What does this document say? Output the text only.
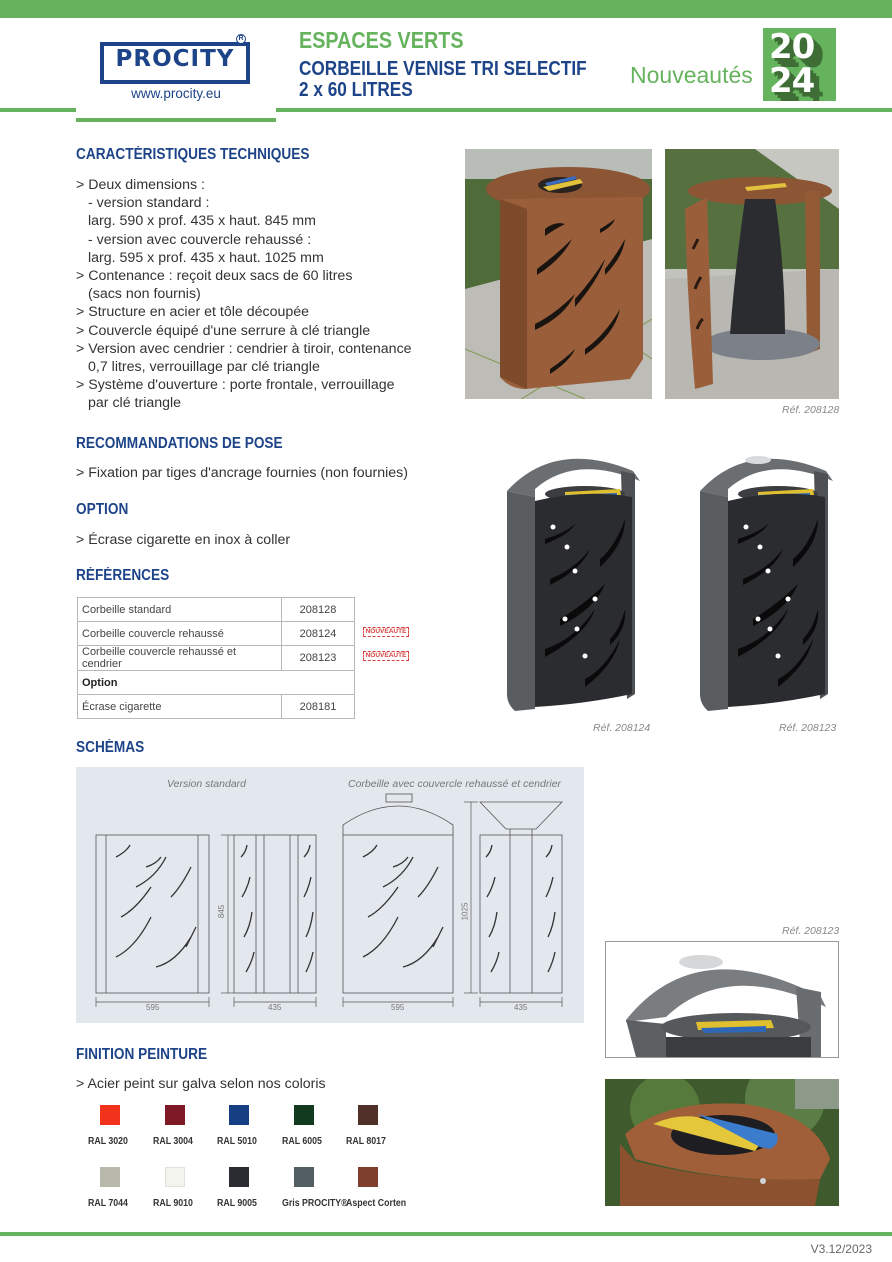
PROCITY
R
www.procity.eu
ESPACES VERTS
CORBEILLE VENISE TRI SELECTIF
2 x 60 LITRES
Nouveautés
20
24
CARACTÉRISTIQUES TECHNIQUES
> Deux dimensions :
- version standard :
larg. 590 x prof. 435 x haut. 845 mm
- version avec couvercle rehaussé :
larg. 595 x prof. 435 x haut. 1025 mm
> Contenance : reçoit deux sacs de 60 litres
(sacs non fournis)
> Structure en acier et tôle découpée
> Couvercle équipé d'une serrure à clé triangle
> Version avec cendrier : cendrier à tiroir, contenance
0,7 litres, verrouillage par clé triangle
> Système d'ouverture : porte frontale, verrouillage
par clé triangle
RECOMMANDATIONS DE POSE
> Fixation par tiges d'ancrage fournies (non fournies)
OPTION
> Écrase cigarette en inox à coller
RÉFÉRENCES
Corbeille standard	208128
Corbeille couvercle rehaussé	208124
Corbeille couvercle rehaussé et cendrier	208123
Option	
Écrase cigarette	208181
NOUVEAUTÉ
NOUVEAUTÉ
Réf. 208128
Réf. 208124	Réf. 208123
SCHÉMAS
Version standard	Corbeille avec couvercle rehaussé et cendrier
595	435
845
595	435
1025
Réf. 208123
FINITION PEINTURE
> Acier peint sur galva selon nos coloris
RAL 3020 RAL 3004 RAL 5010 RAL 6005 RAL 8017
RAL 7044 RAL 9010 RAL 9005 Gris PROCITY®
Aspect Corten
V3.12/2023
